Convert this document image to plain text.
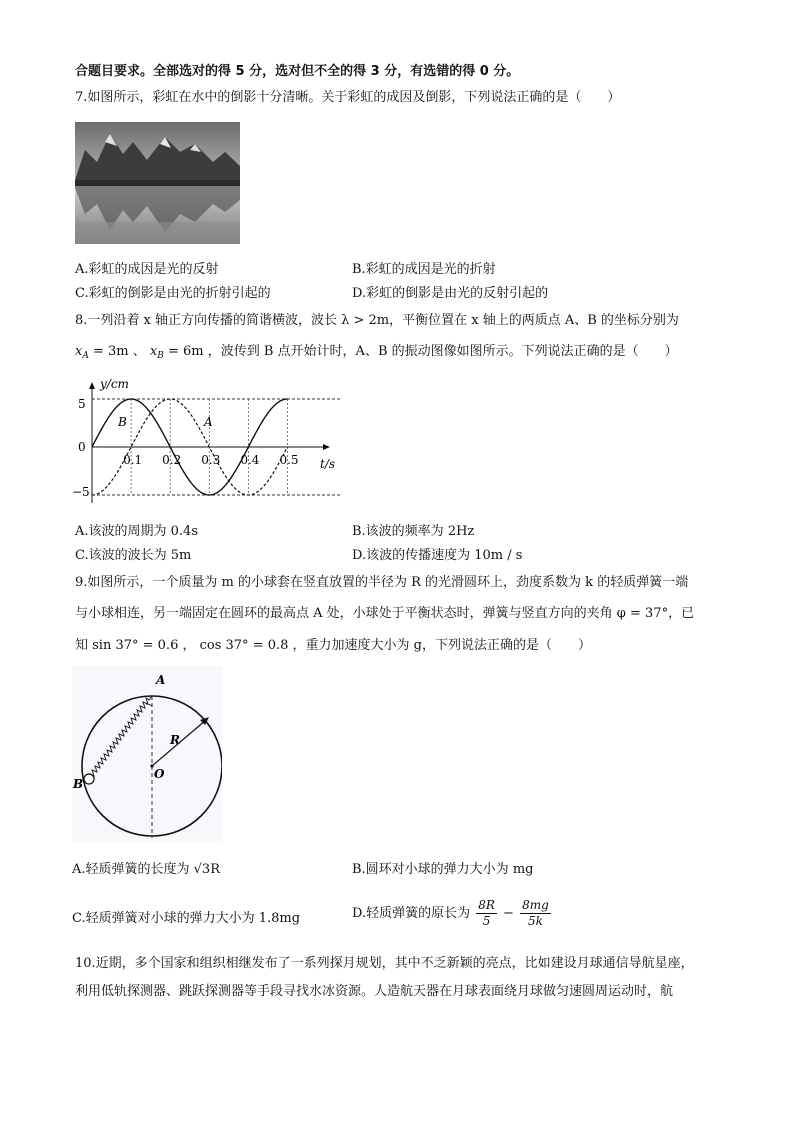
合题目要求。全部选对的得 5 分，选对但不全的得 3 分，有选错的得 0 分。
7.如图所示，彩虹在水中的倒影十分清晰。关于彩虹的成因及倒影，下列说法正确的是（　　）
A.彩虹的成因是光的反射	B.彩虹的成因是光的折射
C.彩虹的倒影是由光的折射引起的	D.彩虹的倒影是由光的反射引起的
8.一列沿着 x 轴正方向传播的简谐横波，波长 λ > 2m，平衡位置在 x 轴上的两质点 A、B 的坐标分别为
$x_A = 3m$ 、 $x_B = 6m$ ，波传到 B 点开始计时，A、B 的振动图像如图所示。下列说法正确的是（　　）
0.1 0.2 0.3 0.4 0.5
y/cm
t/s
5
0
−5
B	A
A.该波的周期为 0.4s	B.该波的频率为 2Hz
C.该波的波长为 5m	D.该波的传播速度为 10m / s
9.如图所示，一个质量为 m 的小球套在竖直放置的半径为 R 的光滑圆环上，劲度系数为 k 的轻质弹簧一端
与小球相连，另一端固定在圆环的最高点 A 处，小球处于平衡状态时，弹簧与竖直方向的夹角 φ = 37°，已
知 sin 37° = 0.6 ， cos 37° = 0.8 ，重力加速度大小为 g，下列说法正确的是（　　）
A
R
O
B
A.轻质弹簧的长度为 √3R	B.圆环对小球的弹力大小为 mg
C.轻质弹簧对小球的弹力大小为 1.8mg	D.轻质弹簧的原长为 $\frac{8R}{5} - \frac{8mg}{5k}$
10.近期，多个国家和组织相继发布了一系列探月规划，其中不乏新颖的亮点，比如建设月球通信导航星座，
利用低轨探测器、跳跃探测器等手段寻找水冰资源。人造航天器在月球表面绕月球做匀速圆周运动时，航
